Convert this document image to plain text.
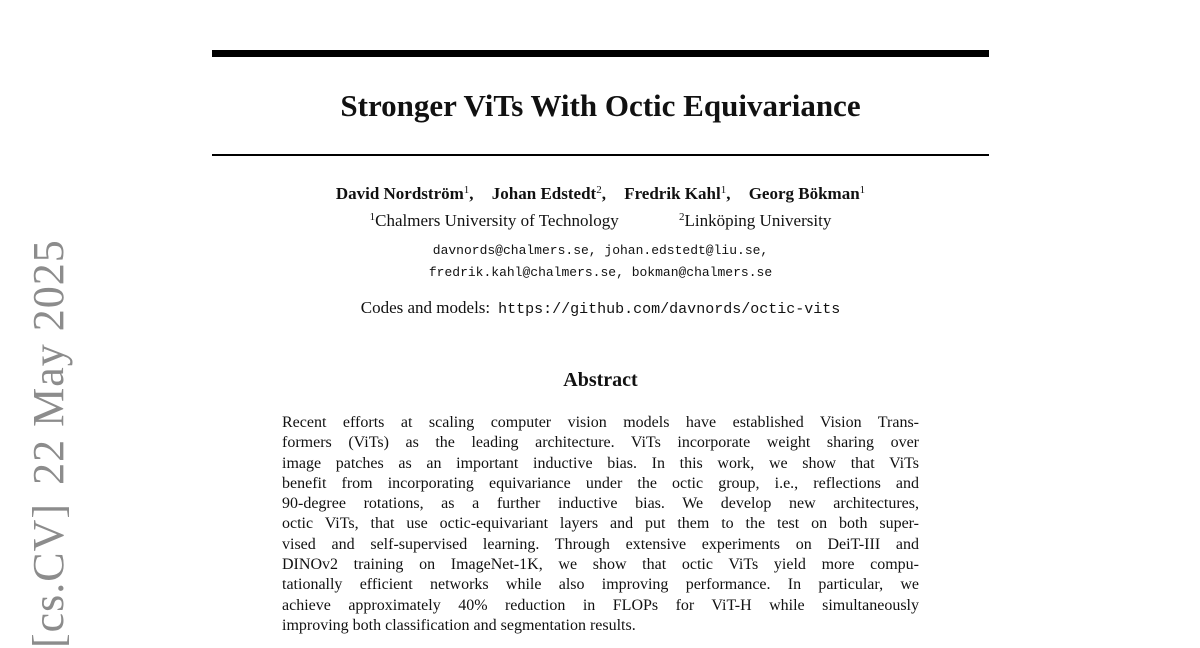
Stronger ViTs With Octic Equivariance
David Nordström$^1$, Johan Edstedt$^2$, Fredrik Kahl$^1$, Georg Bökman$^1$
$^1$Chalmers University of Technology	$^2$Linköping University
davnords@chalmers.se, johan.edstedt@liu.se,
fredrik.kahl@chalmers.se, bokman@chalmers.se
Codes and models: https://github.com/davnords/octic-vits
Abstract
Recent efforts at scaling computer vision models have established Vision Trans-
formers (ViTs) as the leading architecture. ViTs incorporate weight sharing over
image patches as an important inductive bias. In this work, we show that ViTs
benefit from incorporating equivariance under the octic group, i.e., reflections and
90-degree rotations, as a further inductive bias. We develop new architectures,
octic ViTs, that use octic-equivariant layers and put them to the test on both super-
vised and self-supervised learning. Through extensive experiments on DeiT-III and
DINOv2 training on ImageNet-1K, we show that octic ViTs yield more compu-
tationally efficient networks while also improving performance. In particular, we
achieve approximately 40% reduction in FLOPs for ViT-H while simultaneously
improving both classification and segmentation results.
[cs.CV]22 May 2025
